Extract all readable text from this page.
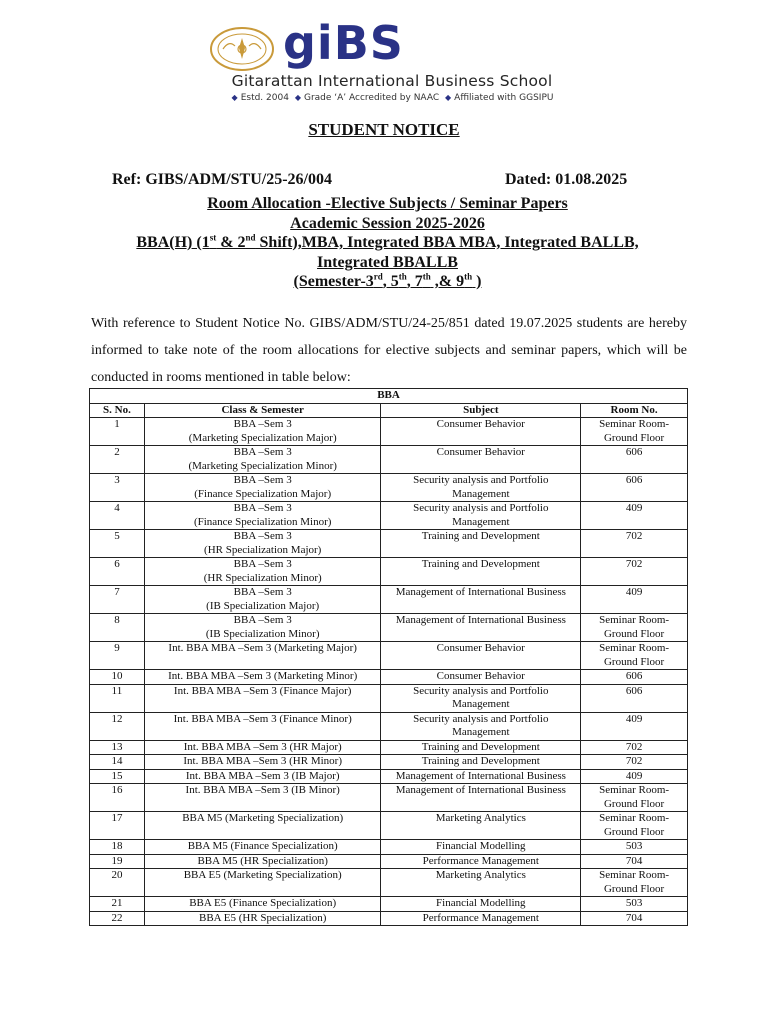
giBS
Gitarattan International Business School
◆ Estd. 2004 ◆ Grade ‘A’ Accredited by NAAC ◆ Affiliated with GGSIPU
STUDENT NOTICE
Ref: GIBS/ADM/STU/25-26/004	Dated: 01.08.2025
Room Allocation -Elective Subjects / Seminar Papers
Academic Session 2025-2026
BBA(H) (1st & 2nd Shift),MBA, Integrated BBA MBA, Integrated BALLB,
Integrated BBALLB
(Semester-3rd, 5th, 7th ,& 9th )
With reference to Student Notice No. GIBS/ADM/STU/24-25/851 dated 19.07.2025 students are hereby informed to take note of the room allocations for elective subjects and seminar papers, which will be conducted in rooms mentioned in table below:
BBA			
S. No.	Class & Semester	Subject	Room No.
1	BBA –Sem 3
(Marketing Specialization Major)	Consumer Behavior	Seminar Room-
Ground Floor
2	BBA –Sem 3
(Marketing Specialization Minor)	Consumer Behavior	606
3	BBA –Sem 3
(Finance Specialization Major)	Security analysis and Portfolio
Management	606
4	BBA –Sem 3
(Finance Specialization Minor)	Security analysis and Portfolio
Management	409
5	BBA –Sem 3
(HR Specialization Major)	Training and Development	702
6	BBA –Sem 3
(HR Specialization Minor)	Training and Development	702
7	BBA –Sem 3
(IB Specialization Major)	Management of International Business	409
8	BBA –Sem 3
(IB Specialization Minor)	Management of International Business	Seminar Room-
Ground Floor
9	Int. BBA MBA –Sem 3 (Marketing Major)	Consumer Behavior	Seminar Room-
Ground Floor
10	Int. BBA MBA –Sem 3 (Marketing Minor)	Consumer Behavior	606
11	Int. BBA MBA –Sem 3 (Finance Major)	Security analysis and Portfolio
Management	606
12	Int. BBA MBA –Sem 3 (Finance Minor)	Security analysis and Portfolio
Management	409
13	Int. BBA MBA –Sem 3 (HR Major)	Training and Development	702
14	Int. BBA MBA –Sem 3 (HR Minor)	Training and Development	702
15	Int. BBA MBA –Sem 3 (IB Major)	Management of International Business	409
16	Int. BBA MBA –Sem 3 (IB Minor)	Management of International Business	Seminar Room-
Ground Floor
17	BBA M5 (Marketing Specialization)	Marketing Analytics	Seminar Room-
Ground Floor
18	BBA M5 (Finance Specialization)	Financial Modelling	503
19	BBA M5 (HR Specialization)	Performance Management	704
20	BBA E5 (Marketing Specialization)	Marketing Analytics	Seminar Room-
Ground Floor
21	BBA E5 (Finance Specialization)	Financial Modelling	503
22	BBA E5 (HR Specialization)	Performance Management	704
